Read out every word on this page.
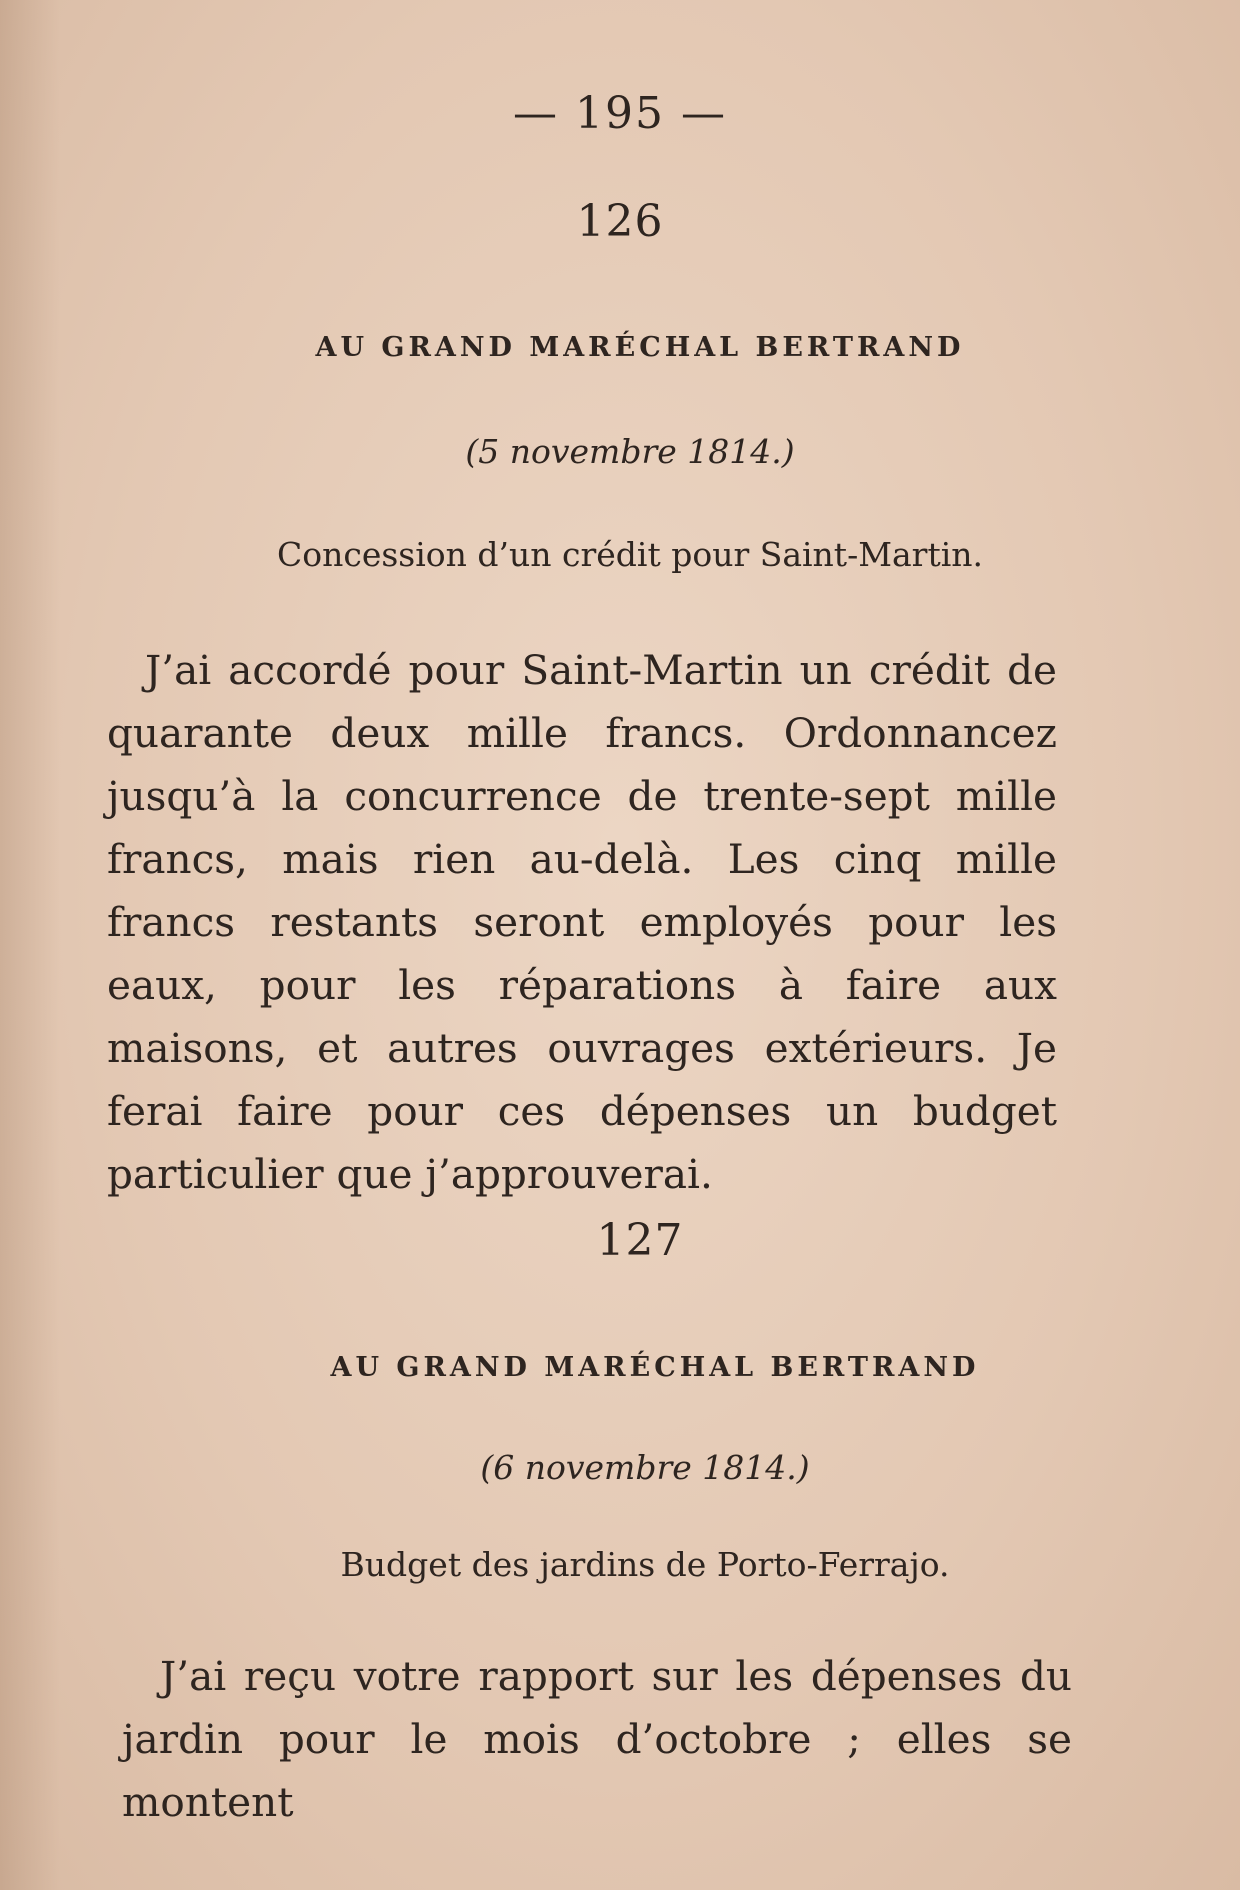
— 195 —
126
AU GRAND MARÉCHAL BERTRAND
(5 novembre 1814.)
Concession d’un crédit pour Saint-Martin.
J’ai accordé pour Saint-Martin un crédit de quarante deux mille francs. Ordonnancez jusqu’à la concurrence de trente-sept mille francs, mais rien au-delà. Les cinq mille francs restants seront employés pour les eaux, pour les réparations à faire aux maisons, et autres ouvrages extérieurs. Je ferai faire pour ces dépenses un budget particulier que j’approuverai.
127
AU GRAND MARÉCHAL BERTRAND
(6 novembre 1814.)
Budget des jardins de Porto-Ferrajo.
J’ai reçu votre rapport sur les dépenses du jardin pour le mois d’octobre ; elles se montent
